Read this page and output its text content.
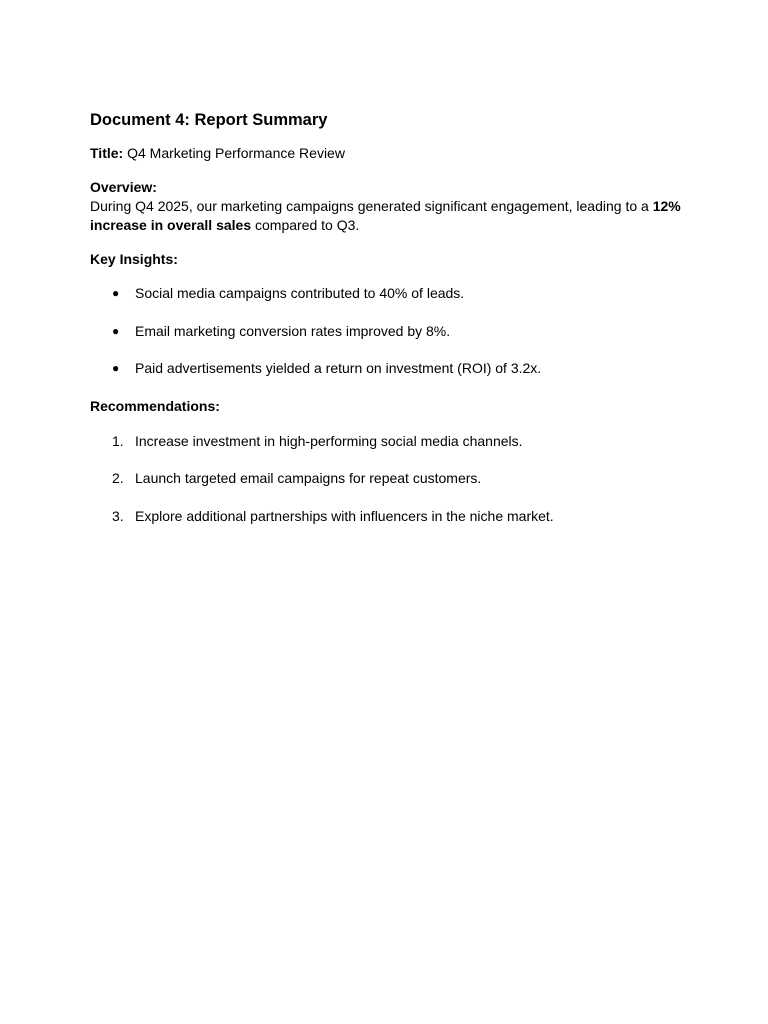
Document 4: Report Summary
Title: Q4 Marketing Performance Review
Overview:

During Q4 2025, our marketing campaigns generated significant engagement, leading to a 12% increase in overall sales compared to Q3.

Key Insights:
● Social media campaigns contributed to 40% of leads.
● Email marketing conversion rates improved by 8%.
● Paid advertisements yielded a return on investment (ROI) of 3.2x.
Recommendations:
1. Increase investment in high-performing social media channels.
2. Launch targeted email campaigns for repeat customers.
3. Explore additional partnerships with influencers in the niche market.
